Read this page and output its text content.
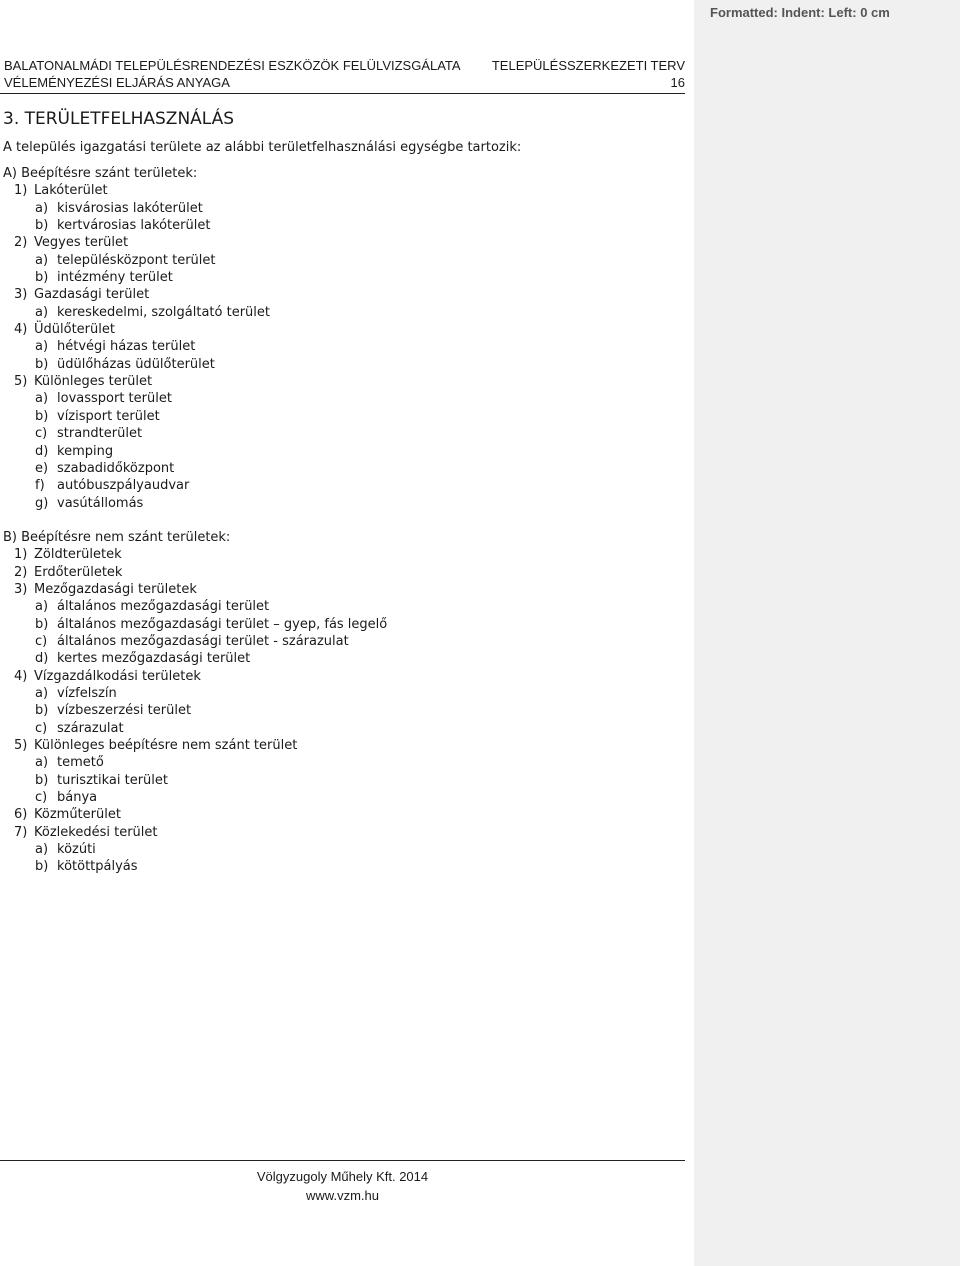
Formatted: Indent: Left: 0 cm
BALATONALMÁDI TELEPÜLÉSRENDEZÉSI ESZKÖZÖK FELÜLVIZSGÁLATA TELEPÜLÉSSZERKEZETI TERV
VÉLEMÉNYEZÉSI ELJÁRÁS ANYAGA	16
3. TERÜLETFELHASZNÁLÁS
A település igazgatási területe az alábbi területfelhasználási egységbe tartozik:
A) Beépítésre szánt területek:
1) Lakóterület
a) kisvárosias lakóterület
b) kertvárosias lakóterület
2) Vegyes terület
a) településközpont terület
b) intézmény terület
3) Gazdasági terület
a) kereskedelmi, szolgáltató terület
4) Üdülőterület
a) hétvégi házas terület
b) üdülőházas üdülőterület
5) Különleges terület
a) lovassport terület
b) vízisport terület
c) strandterület
d) kemping
e) szabadidőközpont
f) autóbuszpályaudvar
g) vasútállomás
B) Beépítésre nem szánt területek:
1) Zöldterületek
2) Erdőterületek
3) Mezőgazdasági területek
a) általános mezőgazdasági terület
b) általános mezőgazdasági terület – gyep, fás legelő
c) általános mezőgazdasági terület - szárazulat
d) kertes mezőgazdasági terület
4) Vízgazdálkodási területek
a) vízfelszín
b) vízbeszerzési terület
c) szárazulat
5) Különleges beépítésre nem szánt terület
a) temető
b) turisztikai terület
c) bánya
6) Közműterület
7) Közlekedési terület
a) közúti
b) kötöttpályás
Völgyzugoly Műhely Kft. 2014
www.vzm.hu
